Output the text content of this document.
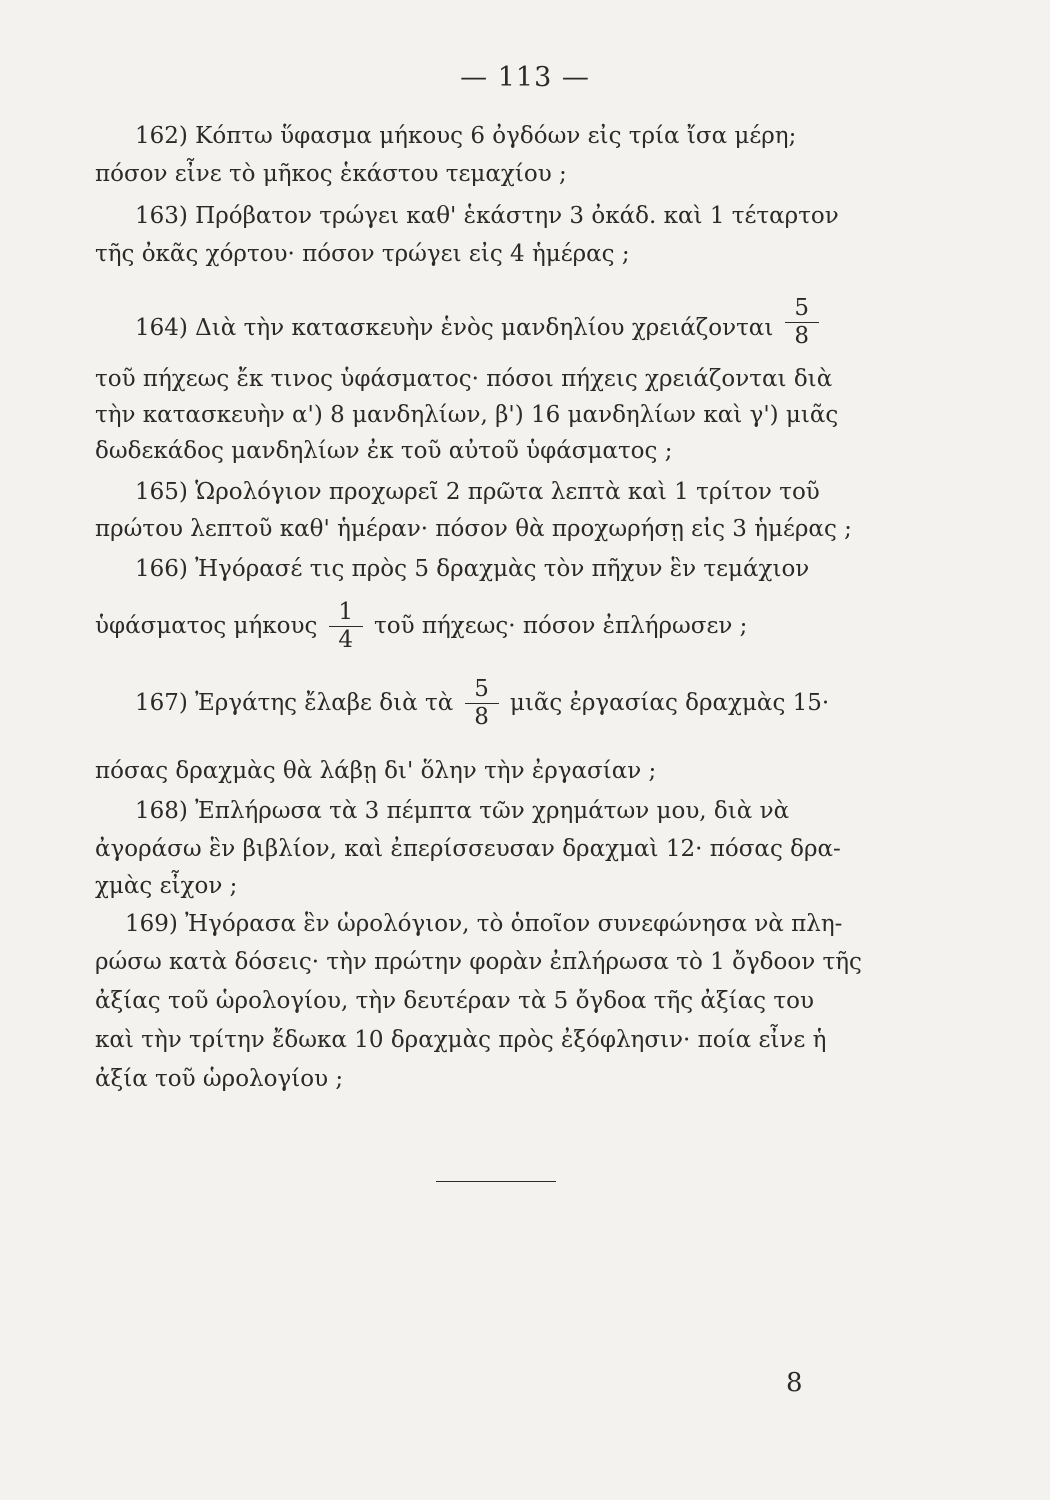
— 113 —
162) Κόπτω ὕφασμα μήκους 6 ὀγδόων εἰς τρία ἴσα μέρη;
πόσον εἶνε τὸ μῆκος ἑκάστου τεμαχίου ;
163) Πρόβατον τρώγει καθ' ἑκάστην 3 ὀκάδ. καὶ 1 τέταρτον
τῆς ὀκᾶς χόρτου· πόσον τρώγει εἰς 4 ἡμέρας ;
164) Διὰ τὴν κατασκευὴν ἑνὸς μανδηλίου χρειάζονται $\frac{5}{8}$
τοῦ πήχεως ἔκ τινος ὑφάσματος· πόσοι πήχεις χρειάζονται διὰ
τὴν κατασκευὴν α') 8 μανδηλίων, β') 16 μανδηλίων καὶ γ') μιᾶς
δωδεκάδος μανδηλίων ἐκ τοῦ αὐτοῦ ὑφάσματος ;
165) Ὡρολόγιον προχωρεῖ 2 πρῶτα λεπτὰ καὶ 1 τρίτον τοῦ
πρώτου λεπτοῦ καθ' ἡμέραν· πόσον θὰ προχωρήσῃ εἰς 3 ἡμέρας ;
166) Ἠγόρασέ τις πρὸς 5 δραχμὰς τὸν πῆχυν ἓν τεμάχιον
ὑφάσματος μήκους $\frac{1}{4}$ τοῦ πήχεως· πόσον ἐπλήρωσεν ;
167) Ἐργάτης ἔλαβε διὰ τὰ $\frac{5}{8}$ μιᾶς ἐργασίας δραχμὰς 15·
πόσας δραχμὰς θὰ λάβῃ δι' ὅλην τὴν ἐργασίαν ;
168) Ἐπλήρωσα τὰ 3 πέμπτα τῶν χρημάτων μου, διὰ νὰ
ἀγοράσω ἓν βιβλίον, καὶ ἐπερίσσευσαν δραχμαὶ 12· πόσας δρα-
χμὰς εἶχον ;
169) Ἠγόρασα ἓν ὡρολόγιον, τὸ ὁποῖον συνεφώνησα νὰ πλη-
ρώσω κατὰ δόσεις· τὴν πρώτην φορὰν ἐπλήρωσα τὸ 1 ὄγδοον τῆς
ἀξίας τοῦ ὡρολογίου, τὴν δευτέραν τὰ 5 ὄγδοα τῆς ἀξίας του
καὶ τὴν τρίτην ἔδωκα 10 δραχμὰς πρὸς ἐξόφλησιν· ποία εἶνε ἡ
ἀξία τοῦ ὡρολογίου ;
8
